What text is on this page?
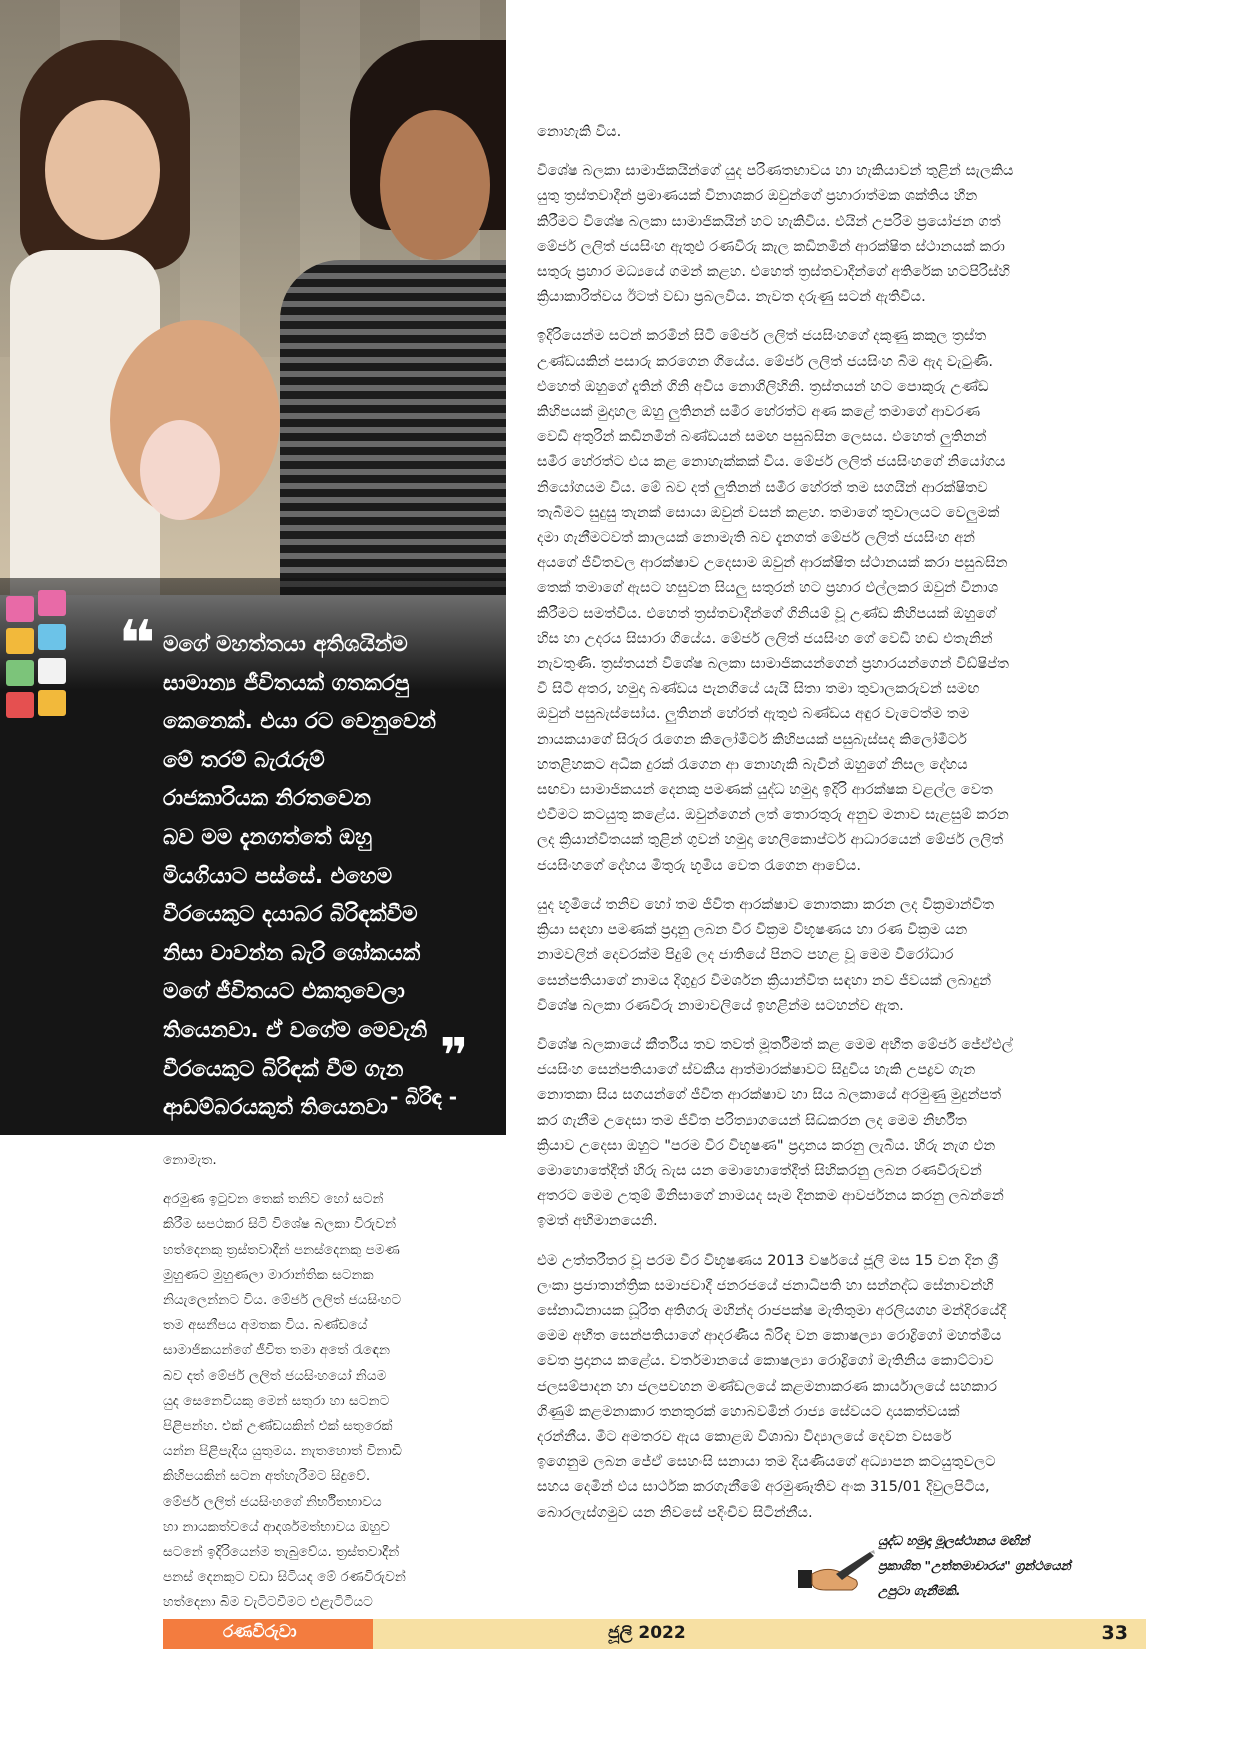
❞ මගේ මහත්තයා අතිශයින්ම
සාමාන්‍ය ජීවිතයක් ගතකරපු
කෙනෙක්. එයා රට වෙනුවෙන්
මේ තරම් බැරෑරුම්
රාජකාරියක නිරතවෙන
බව මම දැනගත්තේ ඔහු
මියගියාට පස්සේ. එහෙම
වීරයෙකුට දයාබර බිරිඳක්වීම
නිසා වාවන්න බැරි ශෝකයක්
මගේ ජීවිතයට එකතුවෙලා
තියෙනවා. ඒ වගේම මෙවැනි
වීරයෙකුට බිරිඳක් වීම ගැන
ආඩම්බරයකුත් තියෙනවා
❞
- බිරිඳ -

නොමැත.

අරමුණ ඉටුවන තෙක් තනිව හෝ සටන්
කිරීම සපථකර සිටි විශේෂ බලකා විරුවන්
හත්දෙනකු ත්‍රස්තවාදීන් පනස්දෙනකු පමණ
මුහුණට මුහුණලා මාරාන්තික සටනක
නියැලෙන්නට විය. මේජර් ලලිත් ජයසිංහට
තම අසනීපය අමතක විය. බණ්ඩයේ
සාමාජිකයන්ගේ ජීවිත තමා අතේ රැඳෙන
බව දත් මේජර් ලලිත් ජයසිංහයෝ නියම
යුද සෙනෙවියකු මෙන් සතුරා හා සටනට
පිළිපන්හ. එක් උණ්ඩයකින් එක් සතුරෙක්
යන්න පිළිපැදිය යුතුමය. නැතහොත් විනාඩි
කිහිපයකින් සටන අත්හැරීමට සිදුවේ.
මේජර් ලලිත් ජයසිංහගේ නිර්භීතභාවය
හා නායකත්වයේ ආදර්ශමත්භාවය ඔහුව
සටනේ ඉදිරියෙන්ම තැබුවේය. ත්‍රස්තවාදීන්
පනස් දෙනකුට වඩා සිටියද මේ රණවිරුවන්
හත්දෙනා බිම වැටිටවීමට එළැටිටීයට

නොහැකි විය.

විශේෂ බලකා සාමාජිකයින්ගේ යුද පරිණතභාවය හා හැකියාවන් තුළින් සැලකිය
යුතු ත්‍රස්තවාදීන් ප්‍රමාණයක් විනාශකර ඔවුන්ගේ ප්‍රහාරාත්මක ශක්තිය හීන
කිරීමට විශේෂ බලකා සාමාජිකයින් හට හැකිවිය. එයින් උපරිම ප්‍රයෝජන ගත්
මේජර් ලලිත් ජයසිංහ ඇතුළු රණවිරු කැල කඩිනමින් ආරක්ෂිත ස්ථානයක් කරා
සතුරු ප්‍රහාර මධ්‍යයේ ගමන් කළහ. එහෙත් ත්‍රස්තවාදීන්ගේ අතිරේක හටපිරිස්හි
ක්‍රියාකාරිත්වය ඊටත් වඩා ප්‍රබලවිය. නැවත දරුණු සටන් ඇතිවිය.

ඉදිරියෙන්ම සටන් කරමින් සිටි මේජර් ලලිත් ජයසිංහගේ දකුණු කකුල ත්‍රස්ත
උණ්ඩයකින් පසාරු කරගෙන ගියේය. මේජර් ලලිත් ජයසිංහ බිම ඇද වැටුණි.
එහෙත් ඔහුගේ දෑතින් ගිනි අවිය නොගිලිහිනි. ත්‍රස්තයන් හට පොකුරු උණ්ඩ
කිහිපයක් මුදාහල ඔහු ලුතිනන් සමීර හේරත්ට අණ කළේ තමාගේ ආවරණ
වෙඩි අතුරින් කඩිනමින් බණ්ඩයන් සමඟ පසුබසින ලෙසය. එහෙත් ලුතිනන්
සමීර හේරත්ට එය කළ නොහැක්කක් විය. මේජර් ලලිත් ජයසිංහගේ නියෝගය
නියෝගයම විය. මේ බව දත් ලුතිනන් සමීර හේරත් තම සගයින් ආරක්ෂිතව
තැබීමට සුදුසු තැනක් සොයා ඔවුන් වසන් කළහ. තමාගේ තුවාලයට වෙලුමක්
දමා ගැනීමටවත් කාලයක් නොමැති බව දැනගත් මේජර් ලලිත් ජයසිංහ අන්
අයගේ ජීවිතවල ආරක්ෂාව උදෙසාම ඔවුන් ආරක්ෂිත ස්ථානයක් කරා පසුබසින
තෙක් තමාගේ ඇසට හසුවන සියලු සතුරන් හට ප්‍රහාර එල්ලකර ඔවුන් විනාශ
කිරීමට සමත්විය. එහෙත් ත්‍රස්තවාදීන්ගේ ගිනියම් වූ උණ්ඩ කිහිපයක් ඔහුගේ
හිස හා උදරය සිසාරා ගියේය. මේජර් ලලිත් ජයසිංහ ගේ වෙඩි හඬ එතැනින්
නැවතුණි. ත්‍රස්තයන් විශේෂ බලකා සාමාජිකයන්ගෙන් ප්‍රහාරයන්ගෙන් විඩ්ෂිප්ත
වී සිටි අතර, හමුදා බණ්ඩය පැනගියේ යැයි සිතා තමා තුවාලකරුවන් සමඟ
ඔවුන් පසුබැස්සෝය. ලුතිනන් හේරත් ඇතුළු බණ්ඩය අඳුර වැටෙත්ම තම
නායකයාගේ සිරුර රැගෙන කිලෝමීටර් කිහිපයක් පසුබැස්සද කිලෝමීටර්
හතළිහකට අධික දුරක් රැගෙන ආ නොහැකි බැවින් ඔහුගේ නිසල දේහය
සඟවා සාමාජිකයන් දෙනකු පමණක් යුද්ධ හමුදා ඉදිරි ආරක්ෂක වළල්ල වෙත
එවීමට කටයුතු කළේය. ඔවුන්ගෙන් ලත් තොරතුරු අනුව මනාව සැළසුම් කරන
ලද ක්‍රියාන්විතයක් තුළින් ගුවන් හමුදා හෙලිකොප්ටර් ආධාරයෙන් මේජර් ලලිත්
ජයසිංහගේ දේහය මිතුරු භූමිය වෙත රැගෙන ආවේය.

යුද භූමියේ තනිව හෝ තම ජීවිත ආරක්ෂාව නොතකා කරන ලද වික්‍රමාන්විත
ක්‍රියා සඳහා පමණක් ප්‍රදානු ලබන වීර වික්‍රම විභූෂණය හා රණ වික්‍රම යන
නාමවලින් දෙවරක්ම පිදුම් ලද ජාතියේ පිනට පහළ වූ මෙම වීරෝධාර
සෙන්පතියාගේ නාමය දිගුදුර විමර්ශන ක්‍රියාන්විත සඳහා නව ජීවයක් ලබාදුන්
විශේෂ බලකා රණවිරු නාමාවලියේ ඉහළින්ම සටහන්ව ඇත.

විශේෂ බලකායේ කීර්තිය තව තවත් මූර්තිමත් කළ මෙම අභීත මේජර් ජේඒඑල්
ජයසිංහ සෙන්පතියාගේ ස්වකීය ආත්මාරක්ෂාවට සිදුවිය හැකි උපද්‍රව ගැන
නොතකා සිය සගයන්ගේ ජීවිත ආරක්ෂාව හා සිය බලකායේ අරමුණු මුදුන්පත්
කර ගැනීම උදෙසා තම ජීවිත පරිත්‍යාගයෙන් සිද්‍ධකරන ලද මෙම නිර්භීත
ක්‍රියාව උදෙසා ඔහුට "පරම වීර විභූෂණ" ප්‍රදානය කරනු ලැබීය. හිරු නැග එන
මොහොතේදීත් හිරු බැස යන මොහොතේදීත් සිහිකරනු ලබන රණවිරුවන්
අතරට මෙම උතුම් මිනිසාගේ නාමයද සෑම දිනකම ආවර්ජනය කරනු ලබන්නේ
ඉමත් අභිමානයෙනි.

එම උත්තරීතර වූ පරම වීර විභූෂණය 2013 වර්ෂයේ ජූලි මස 15 වන දින ශ්‍රී
ලංකා ප්‍රජාතාන්ත්‍රික සමාජවාදී ජනරජයේ ජනාධිපති හා සන්නද්ධ සේනාවන්හි
සේනාධිනායක ධූරිත අතිගරු මහින්ද රාජපක්ෂ මැතිතුමා අරලියගහ මන්දිරයේදී
මෙම අභීත සෙන්පතියාගේ ආදරණීය බිරිඳ වන කොෂල්‍යා රොද්‍රිගෝ මහත්මිය
වෙත ප්‍රදානය කළේය. වර්තමානයේ කොෂල්‍යා රොද්‍රිගෝ මැතිනිය කොට්ටාව
ජලසම්පාදන හා ජලපවහන මණ්ඩලයේ කළමනාකරණ කාර්යාලයේ සහකාර
ගිණුම් කළමනාකාර තනතුරක් හොබවමින් රාජ්‍ය සේවයට දායකත්වයක්
දරන්නීය. මීට අමතරව ඇය කොළඹ විශාඛා විද්‍යාලයේ දෙවන වසරේ
ඉගෙනුම ලබන ජේඒ සෙහංසි සනායා තම දියණියගේ අධ්‍යාපන කටයුතුවලට
සහය දෙමින් එය සාර්ථක කරගැනීමේ අරමුණෑතිව අංක 315/01 දිවුලපිටිය,
බොරලැස්ගමුව යන නිවසේ පදිංචිව සිටින්නීය.

යුද්ධ හමුදා මූලස්ථානය මඟින්
ප්‍රකාශිත "උත්තමාචාරය" ග්‍රන්ථයෙන්
උපුටා ගැනීමකි.
රණවිරුවා	ජූලි 2022	33
